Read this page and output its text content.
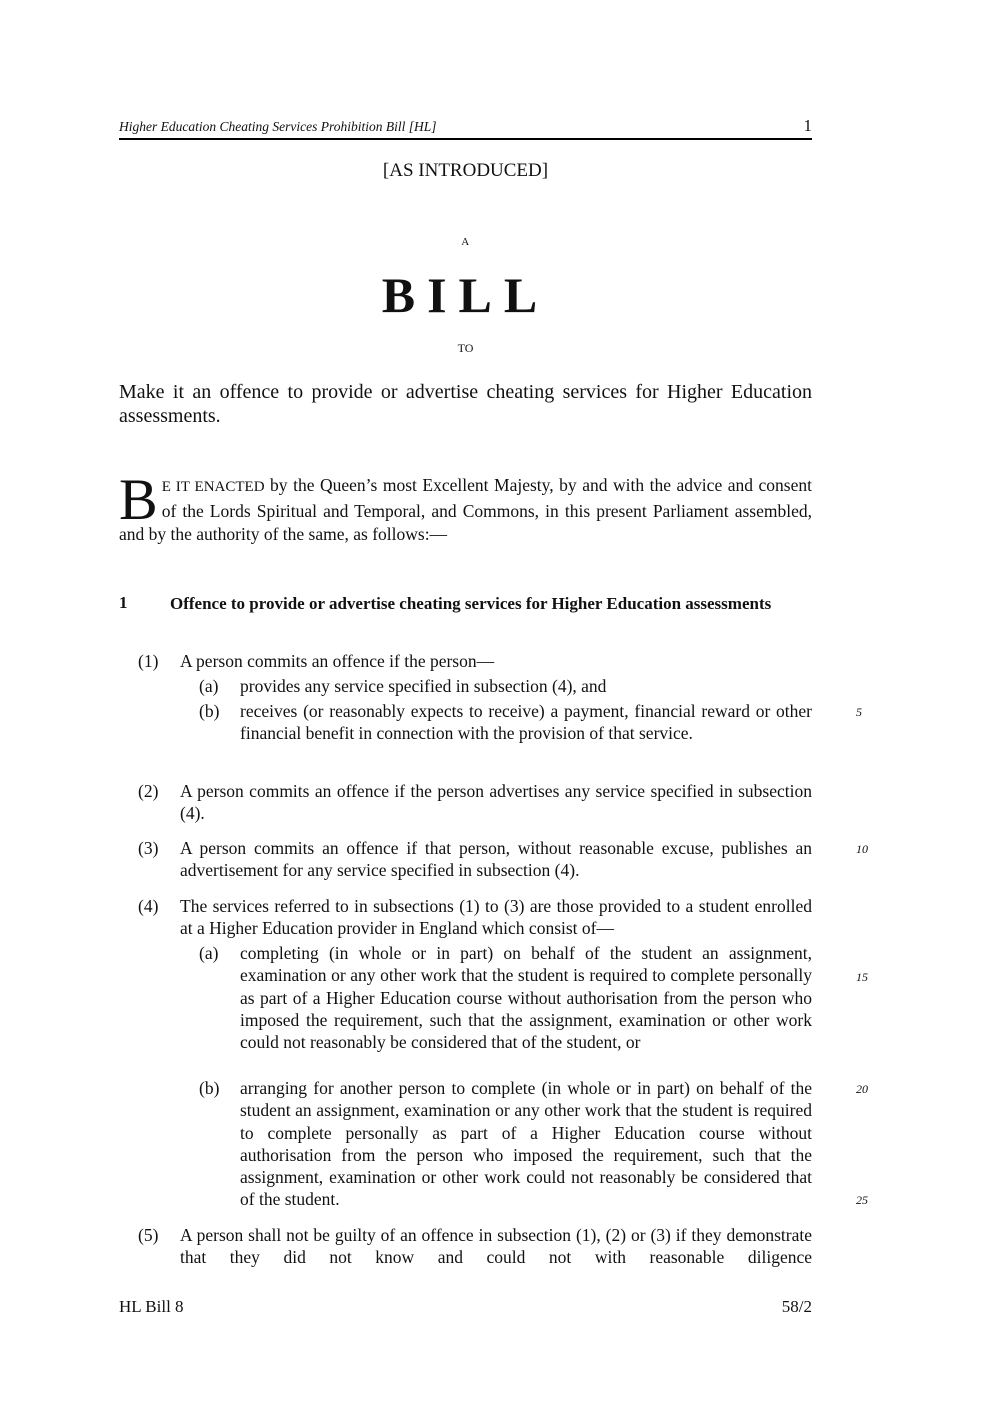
Higher Education Cheating Services Prohibition Bill [HL]	1
[AS INTRODUCED]
A
BILL
TO
Make it an offence to provide or advertise cheating services for Higher Education assessments.
B E IT ENACTED by the Queen’s most Excellent Majesty, by and with the advice and consent of the Lords Spiritual and Temporal, and Commons, in this present Parliament assembled, and by the authority of the same, as follows:—
1	Offence to provide or advertise cheating services for Higher Education assessments
(1) A person commits an offence if the person—
(a) provides any service specified in subsection (4), and
(b) receives (or reasonably expects to receive) a payment, financial reward or other financial benefit in connection with the provision of that service.
5
(2) A person commits an offence if the person advertises any service specified in subsection (4).
(3) A person commits an offence if that person, without reasonable excuse, publishes an advertisement for any service specified in subsection (4).
10
(4) The services referred to in subsections (1) to (3) are those provided to a student enrolled at a Higher Education provider in England which consist of—
(a) completing (in whole or in part) on behalf of the student an assignment, examination or any other work that the student is required to complete personally as part of a Higher Education course without authorisation from the person who imposed the requirement, such that the assignment, examination or other work could not reasonably be considered that of the student, or
15
(b) arranging for another person to complete (in whole or in part) on behalf of the student an assignment, examination or any other work that the student is required to complete personally as part of a Higher Education course without authorisation from the person who imposed the requirement, such that the assignment, examination or other work could not reasonably be considered that of the student.
20
25
(5) A person shall not be guilty of an offence in subsection (1), (2) or (3) if they demonstrate that they did not know and could not with reasonable diligence
HL Bill 8	58/2
